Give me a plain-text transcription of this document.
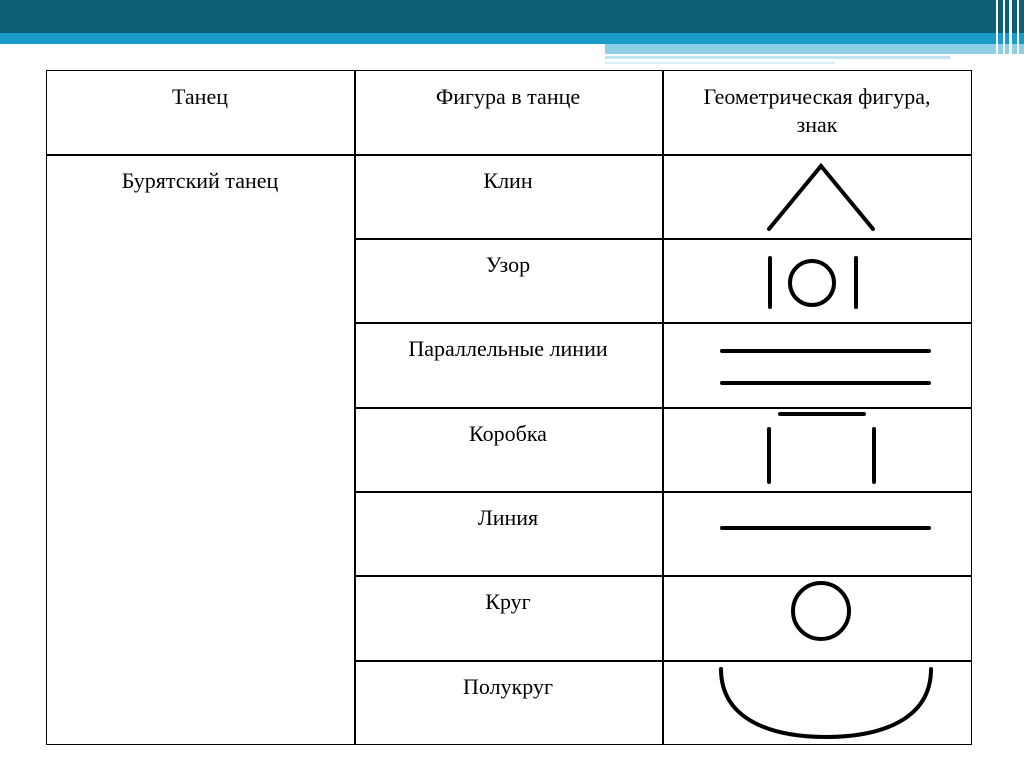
Танец	Фигура в танце	Геометрическая фигура, знак
Бурятский танец	Клин
Узор
Параллельные линии
Коробка
Линия
Круг
Полукруг
